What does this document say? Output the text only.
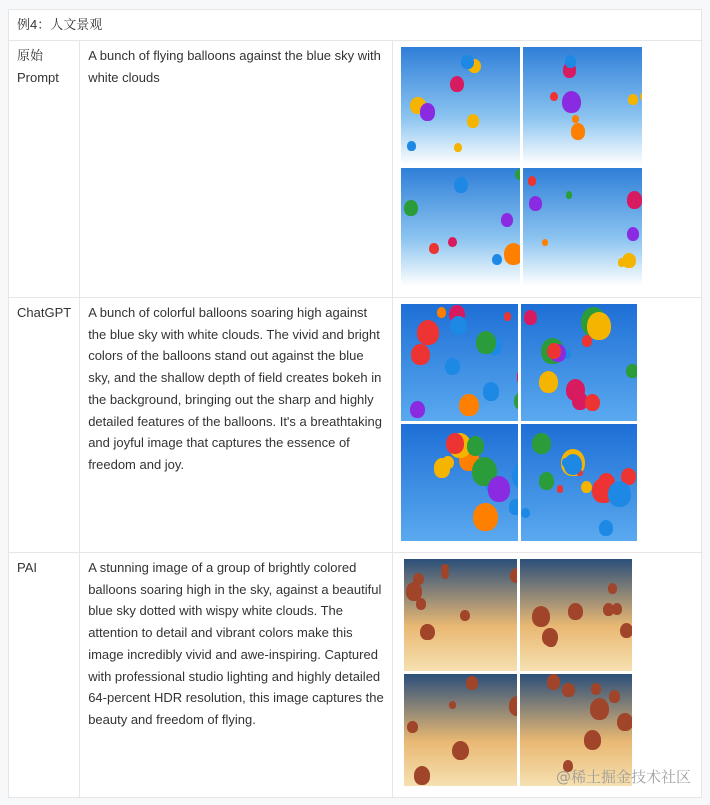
例4：人文景观		

原始
Prompt	A bunch of flying balloons against the blue sky with white clouds	

ChatGPT	A bunch of colorful balloons soaring high against the blue sky with white clouds. The vivid and bright colors of the balloons stand out against the blue sky, and the shallow depth of field creates bokeh in the background, bringing out the sharp and highly detailed features of the balloons. It's a breathtaking and joyful image that captures the essence of freedom and joy.	

PAI	A stunning image of a group of brightly colored balloons soaring high in the sky, against a beautiful blue sky dotted with wispy white clouds. The attention to detail and vibrant colors make this image incredibly vivid and awe-inspiring. Captured with professional studio lighting and highly detailed 64-percent HDR resolution, this image captures the beauty and freedom of flying.	
@稀土掘金技术社区
